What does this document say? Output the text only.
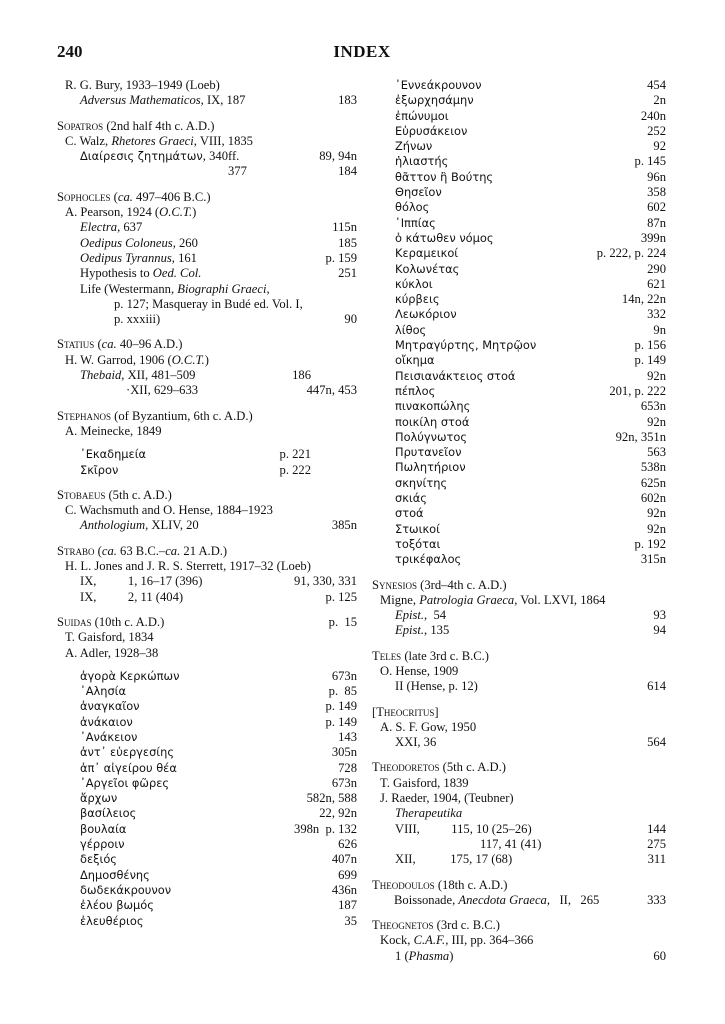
240	INDEX
R. G. Bury, 1933–1949 (Loeb)
Adversus Mathematicos, IX, 187	183
Sopatros (2nd half 4th c. A.D.)
C. Walz, Rhetores Graeci, VIII, 1835
Διαίρεσις ζητημάτων, 340ff.	89, 94n
377	184
Sophocles (ca. 497–406 B.C.)
A. Pearson, 1924 (O.C.T.)
Electra, 637	115n
Oedipus Coloneus, 260	185
Oedipus Tyrannus, 161	p. 159
Hypothesis to Oed. Col.	251
Life (Westermann, Biographi Graeci,
p. 127; Masqueray in Budé ed. Vol. I,
p. xxxiii)	90
Statius (ca. 40–96 A.D.)
H. W. Garrod, 1906 (O.C.T.)
Thebaid, XII, 481–509	186
·XII, 629–633	447n, 453
Stephanos (of Byzantium, 6th c. A.D.)
A. Meinecke, 1849
᾿Εκαδημεία	p. 221
Σκῖρον	p. 222
Stobaeus (5th c. A.D.)
C. Wachsmuth and O. Hense, 1884–1923
Anthologium, XLIV, 20	385n
Strabo (ca. 63 B.C.–ca. 21 A.D.)
H. L. Jones and J. R. S. Sterrett, 1917–32 (Loeb)
IX,          1, 16–17 (396)	91, 330, 331
IX,          2, 11 (404)	p. 125
Suidas (10th c. A.D.)	p.  15
T. Gaisford, 1834
A. Adler, 1928–38
ἀγορὰ Κερκώπων	673n
᾿Αλησία	p.  85
ἀναγκαῖον	p. 149
ἀνάκαιον	p. 149
᾿Ανάκειον	143
ἀντ᾿ εὐεργεσίης	305n
ἀπ᾿ αἰγείρου θέα	728
᾿Αργεῖοι φῶρες	673n
ἄρχων	582n, 588
βασίλειος	22, 92n
βουλαία	398n  p. 132
γέρροιν	626
δεξιός	407n
Δημοσθένης	699
δωδεκάκρουνον	436n
ἐλέου βωμός	187
ἐλευθέριος	35
᾿Εννεάκρουνον	454
ἐξωρχησάμην	2n
ἐπώνυμοι	240n
Εὐρυσάκειον	252
Ζήνων	92
ἡλιαστής	p. 145
θᾶττον ἢ Βούτης	96n
Θησεῖον	358
θόλος	602
῾Ιππίας	87n
ὁ κάτωθεν νόμος	399n
Κεραμεικοί	p. 222, p. 224
Κολωνέτας	290
κύκλοι	621
κύρβεις	14n, 22n
Λεωκόριον	332
λίθος	9n
Μητραγύρτης, Μητρῷον	p. 156
οἴκημα	p. 149
Πεισιανάκτειος στοά	92n
πέπλος	201, p. 222
πινακοπώλης	653n
ποικίλη στοά	92n
Πολύγνωτος	92n, 351n
Πρυτανεῖον	563
Πωλητήριον	538n
σκηνίτης	625n
σκιάς	602n
στοά	92n
Στωικοί	92n
τοξόται	p. 192
τρικέφαλος	315n
Synesios (3rd–4th c. A.D.)
Migne, Patrologia Graeca, Vol. LXVI, 1864
Epist.,  54	93
Epist., 135	94
Teles (late 3rd c. B.C.)
O. Hense, 1909
II (Hense, p. 12)	614
[Theocritus]
A. S. F. Gow, 1950
XXI, 36	564
Theodoretos (5th c. A.D.)
T. Gaisford, 1839
J. Raeder, 1904, (Teubner)
Therapeutika
VIII,          115, 10 (25–26)	144
117, 41 (41)	275
XII,           175, 17 (68)	311
Theodoulos (18th c. A.D.)
Boissonade, Anecdota Graeca,   II,   265	333
Theognetos (3rd c. B.C.)
Kock, C.A.F., III, pp. 364–366
1 (Phasma)	60
